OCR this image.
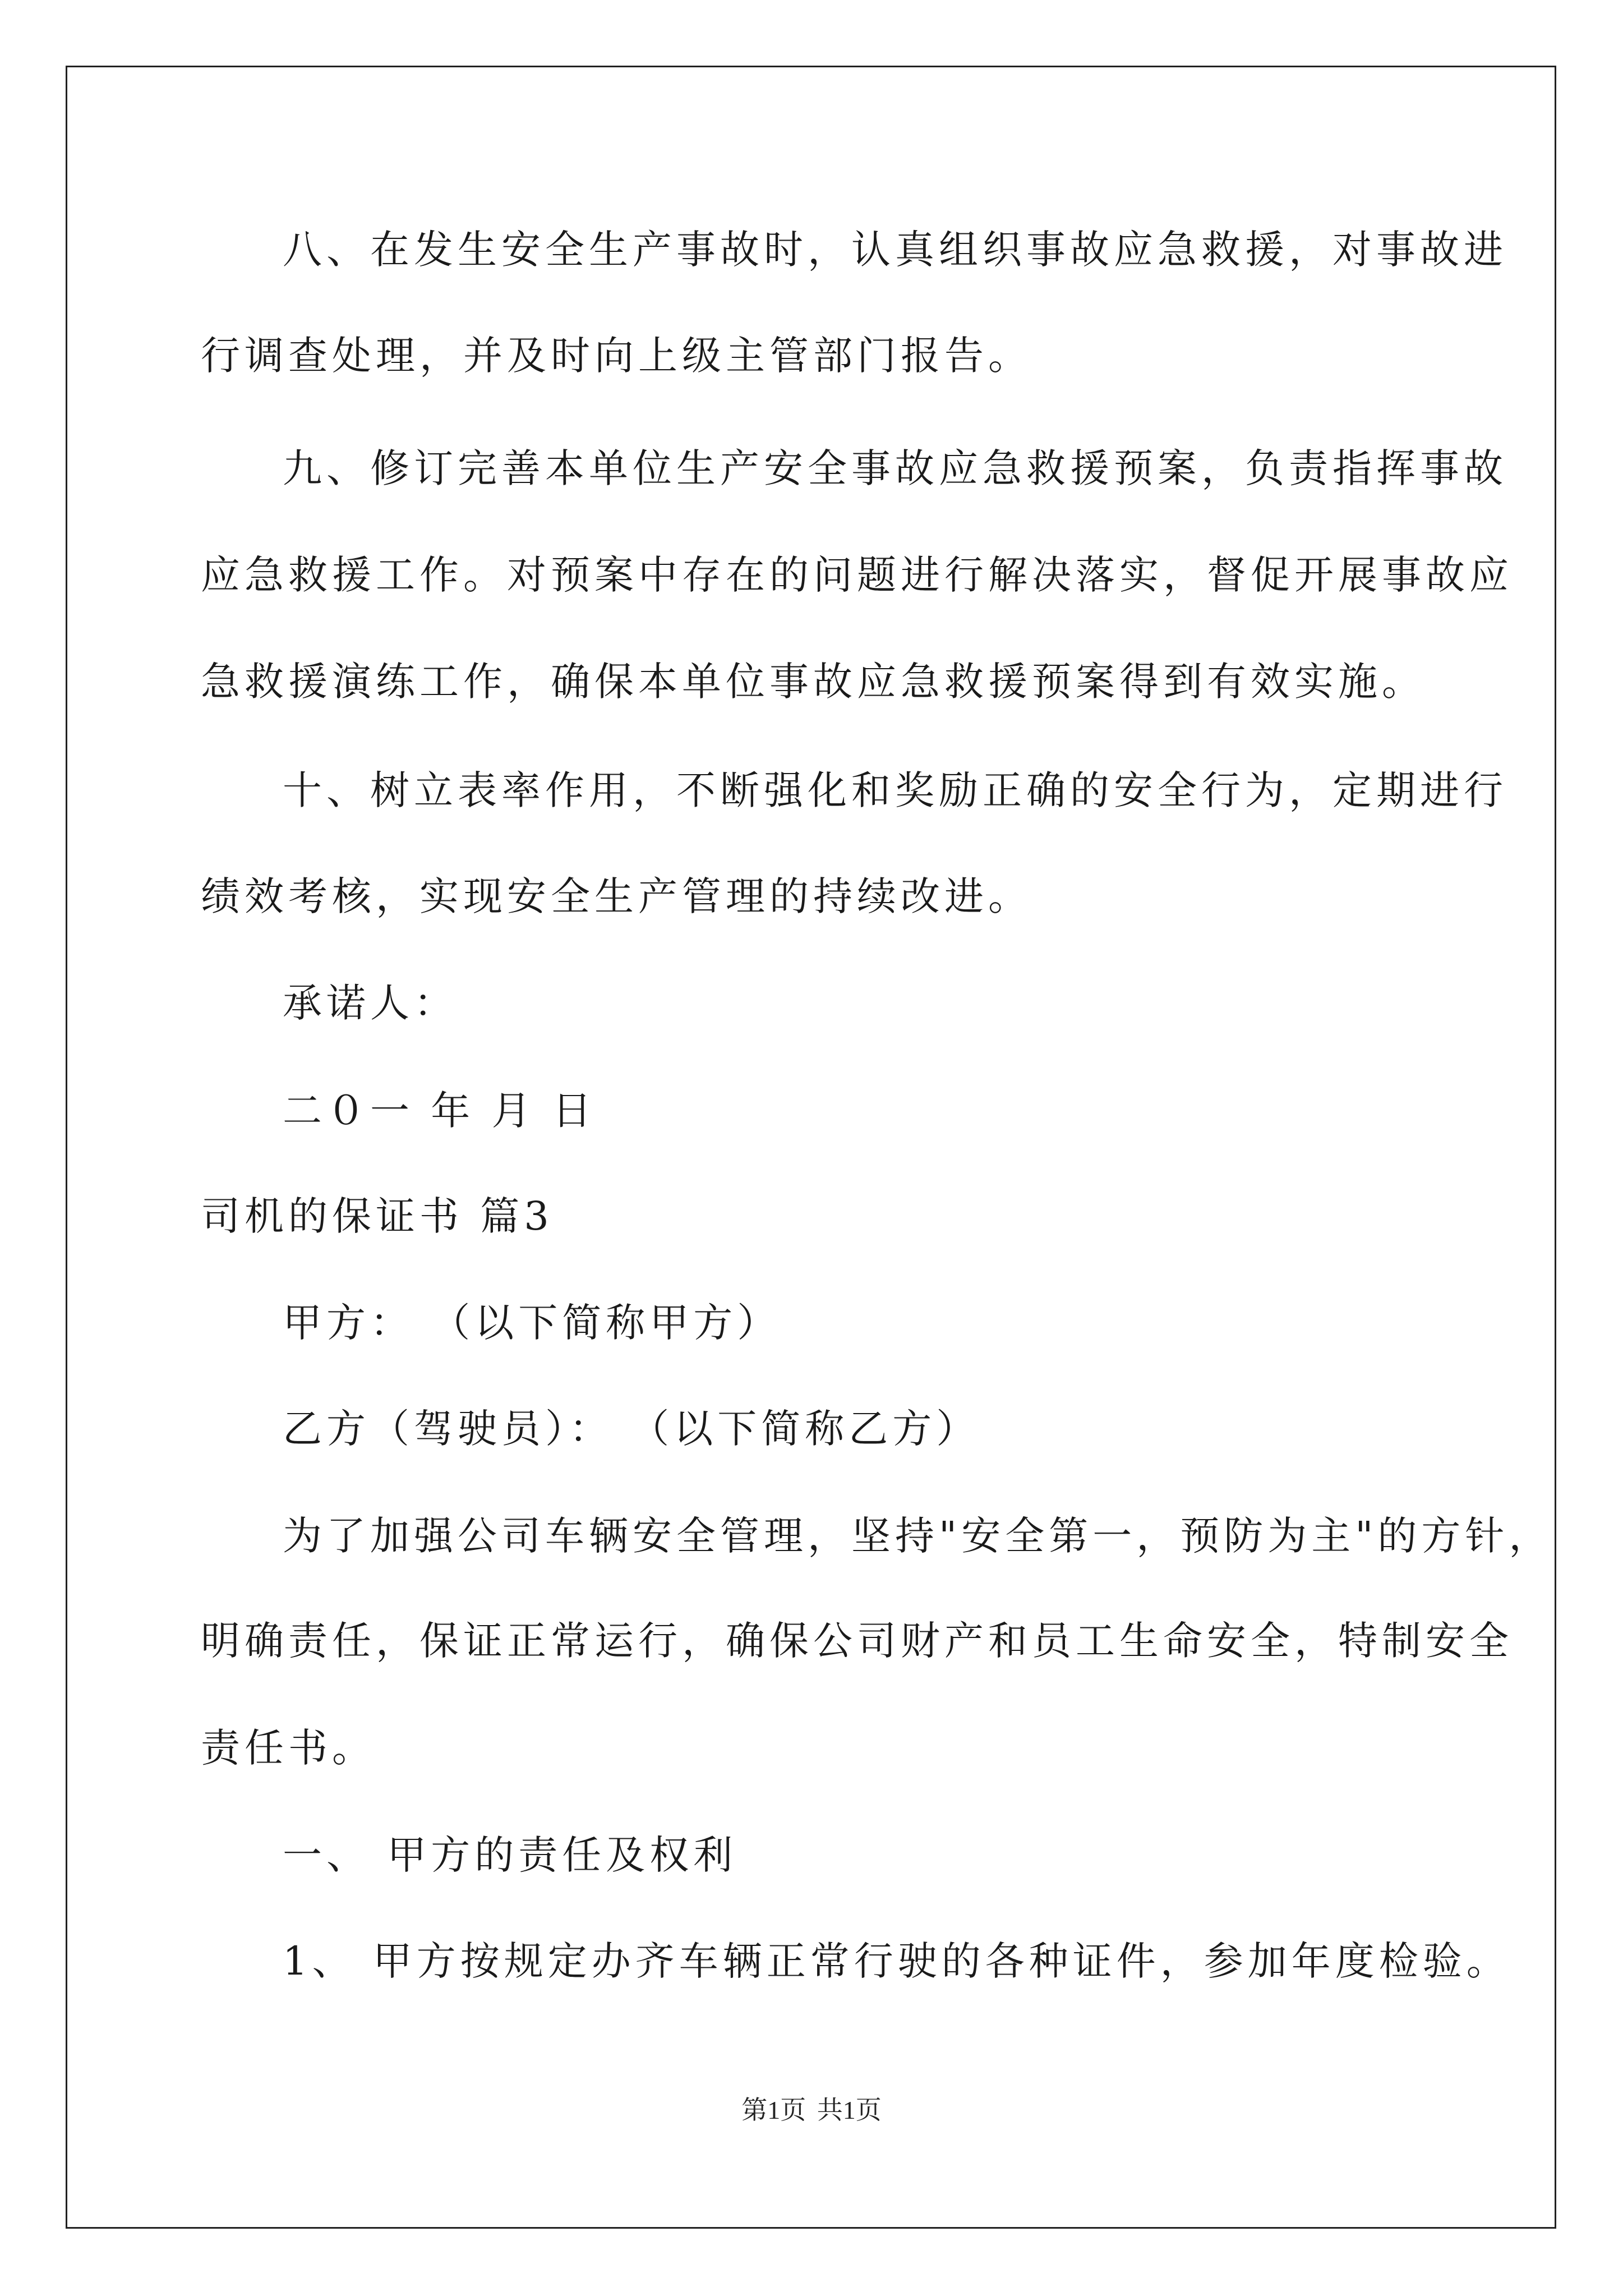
八、在发生安全生产事故时，认真组织事故应急救援，对事故进
行调查处理，并及时向上级主管部门报告。
九、修订完善本单位生产安全事故应急救援预案，负责指挥事故
应急救援工作。对预案中存在的问题进行解决落实，督促开展事故应
急救援演练工作，确保本单位事故应急救援预案得到有效实施。
十、树立表率作用，不断强化和奖励正确的安全行为，定期进行
绩效考核，实现安全生产管理的持续改进。
承诺人：
二０一 年 月 日
司机的保证书 篇3
甲方： （以下简称甲方）
乙方（驾驶员）： （以下简称乙方）
为了加强公司车辆安全管理，坚持"安全第一，预防为主"的方针，
明确责任，保证正常运行，确保公司财产和员工生命安全，特制安全
责任书。
一、 甲方的责任及权利
1、 甲方按规定办齐车辆正常行驶的各种证件，参加年度检验。
第1页 共1页
